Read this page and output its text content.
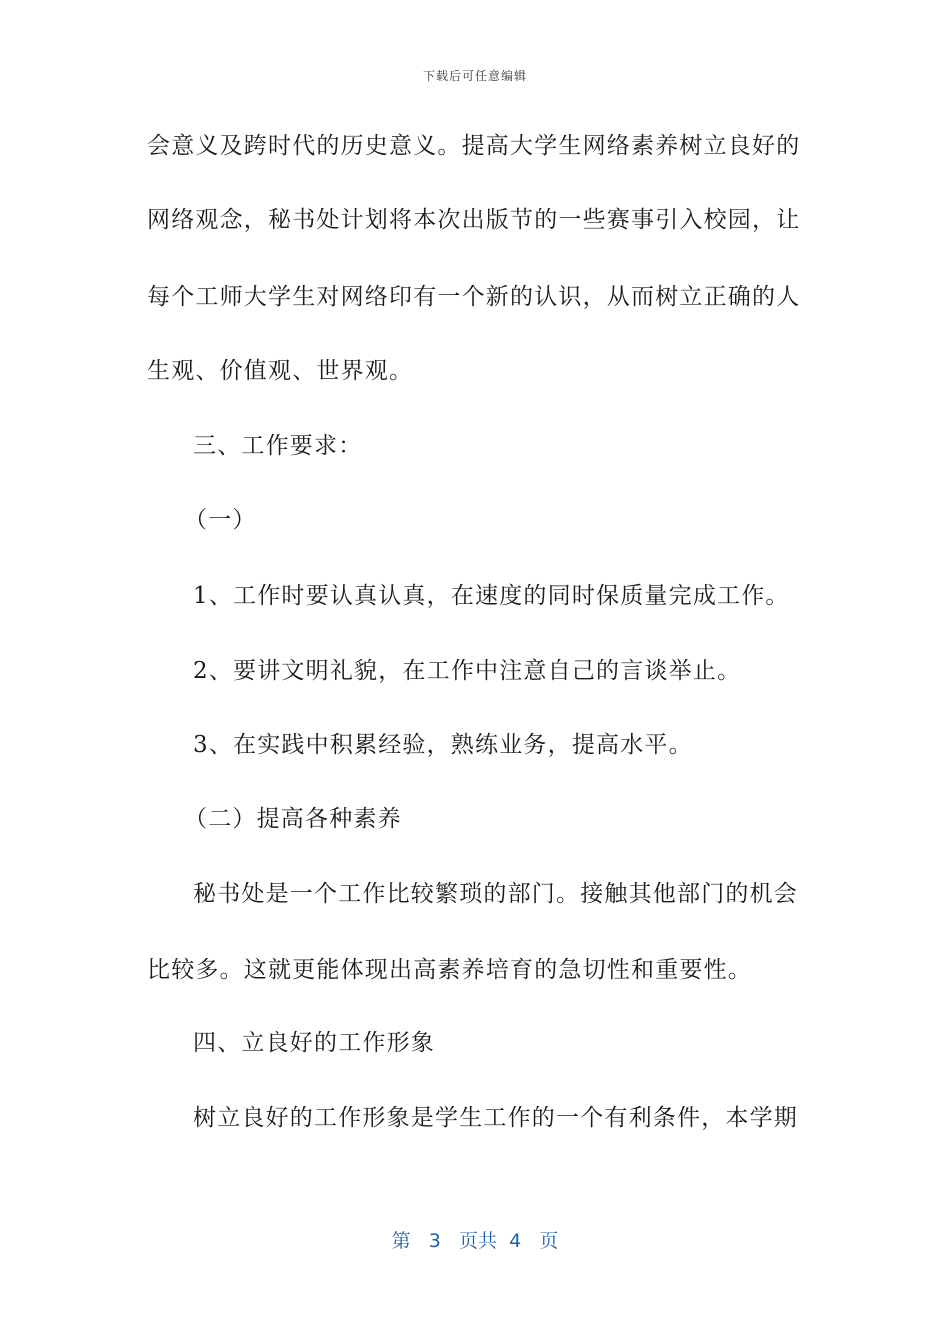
下载后可任意编辑
会意义及跨时代的历史意义。提高大学生网络素养树立良好的
网络观念，秘书处计划将本次出版节的一些赛事引入校园，让
每个工师大学生对网络印有一个新的认识，从而树立正确的人
生观、价值观、世界观。
三、工作要求：
（一）
1、工作时要认真认真，在速度的同时保质量完成工作。
2、要讲文明礼貌，在工作中注意自己的言谈举止。
3、在实践中积累经验，熟练业务，提高水平。
（二）提高各种素养
秘书处是一个工作比较繁琐的部门。接触其他部门的机会
比较多。这就更能体现出高素养培育的急切性和重要性。
四、立良好的工作形象
树立良好的工作形象是学生工作的一个有利条件，本学期
第 3 页共 4 页
